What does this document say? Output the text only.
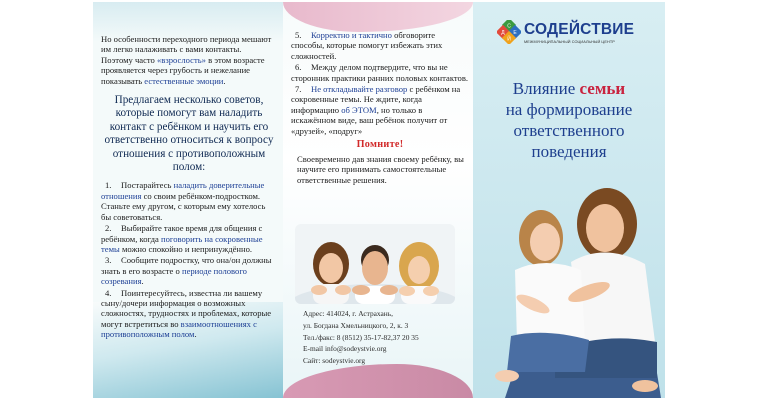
Но особенности переходного периода мешают им легко налаживать с вами контакты.

Поэтому часто «взрослость» в этом возрасте проявляется через грубость и нежелание показывать естественные эмоции.

Предлагаем несколько советов, которые помогут вам наладить контакт с ребёнком и научить его ответственно относиться к вопросу отношения с противоположным полом:

1. Постарайтесь наладить доверительные отношения со своим ребёнком-подростком. Станьте ему другом, с которым ему хотелось бы советоваться.

2. Выбирайте такое время для общения с ребёнком, когда поговорить на сокровенные темы можно спокойно и непринуждённо.

3. Сообщите подростку, что она/он должны знать в его возрасте о периоде полового созревания.

4. Поинтересуйтесь, известна ли вашему сыну/дочери информация о возможных сложностях, трудностях и проблемах, которые могут встретиться во взаимоотношениях с противоположным полом.

5. Корректно и тактично обговорите способы, которые помогут избежать этих сложностей.

6. Между делом подтвердите, что вы не сторонник практики ранних половых контактов.

7. Не откладывайте разговор с ребёнком на сокровенные темы. Не ждите, когда информацию об ЭТОМ, но только в искажённом виде, ваш ребёнок получит от «друзей», «подруг»

Помните!

Своевременно дав знания своему ребёнку, вы научите его принимать самостоятельные ответственные решения.

Адрес: 414024, г. Астрахань,

ул. Богдана Хмельницкого, 2, к. 3

Тел./факс: 8 (8512) 35-17-82,37 20 35

E-mail info@sodeystvie.org

Сайт: sodeystvie.org

С
Д Е
Й
СОДЕЙСТВИЕ
МЕЖМУНИЦИПАЛЬНЫЙ СОЦИАЛЬНЫЙ ЦЕНТР
Влияние семьи
на формирование ответственного поведения
